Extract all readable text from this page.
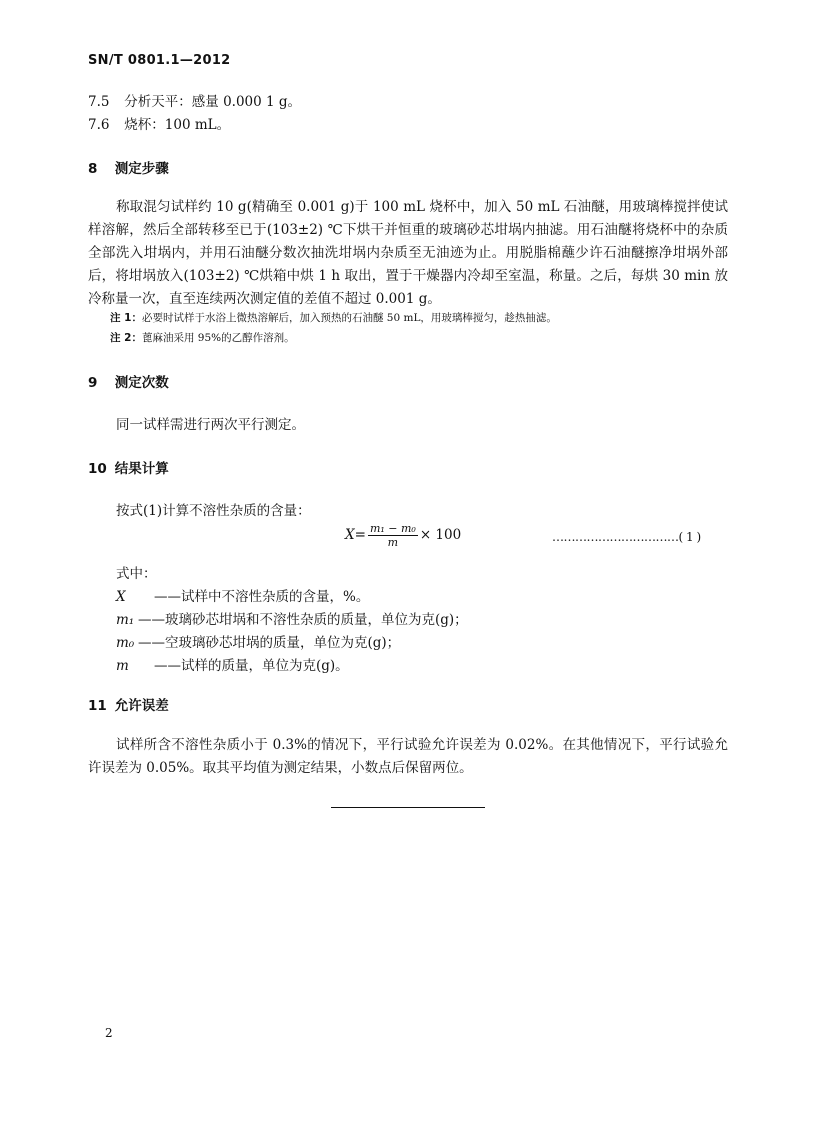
SN/T 0801.1—2012
7.5 分析天平：感量 0.000 1 g。
7.6 烧杯：100 mL。
8 测定步骤
称取混匀试样约 10 g(精确至 0.001 g)于 100 mL 烧杯中，加入 50 mL 石油醚，用玻璃棒搅拌使试样溶解，然后全部转移至已于(103±2) ℃下烘干并恒重的玻璃砂芯坩埚内抽滤。用石油醚将烧杯中的杂质全部洗入坩埚内，并用石油醚分数次抽洗坩埚内杂质至无油迹为止。用脱脂棉蘸少许石油醚擦净坩埚外部后，将坩埚放入(103±2) ℃烘箱中烘 1 h 取出，置于干燥器内冷却至室温，称量。之后，每烘 30 min 放冷称量一次，直至连续两次测定值的差值不超过 0.001 g。
注 1：必要时试样于水浴上微热溶解后，加入预热的石油醚 50 mL，用玻璃棒搅匀，趁热抽滤。
注 2：蓖麻油采用 95%的乙醇作溶剂。
9 测定次数
同一试样需进行两次平行测定。
10 结果计算
按式(1)计算不溶性杂质的含量：
$X= \frac{\text{m₁ − m₀}}{m} \times 100$	……………………………( 1 )
式中：
X ——试样中不溶性杂质的含量，%。
m₁ ——玻璃砂芯坩埚和不溶性杂质的质量，单位为克(g)；
m₀ ——空玻璃砂芯坩埚的质量，单位为克(g)；
m ——试样的质量，单位为克(g)。
11 允许误差
试样所含不溶性杂质小于 0.3%的情况下，平行试验允许误差为 0.02%。在其他情况下，平行试验允许误差为 0.05%。取其平均值为测定结果，小数点后保留两位。
2
